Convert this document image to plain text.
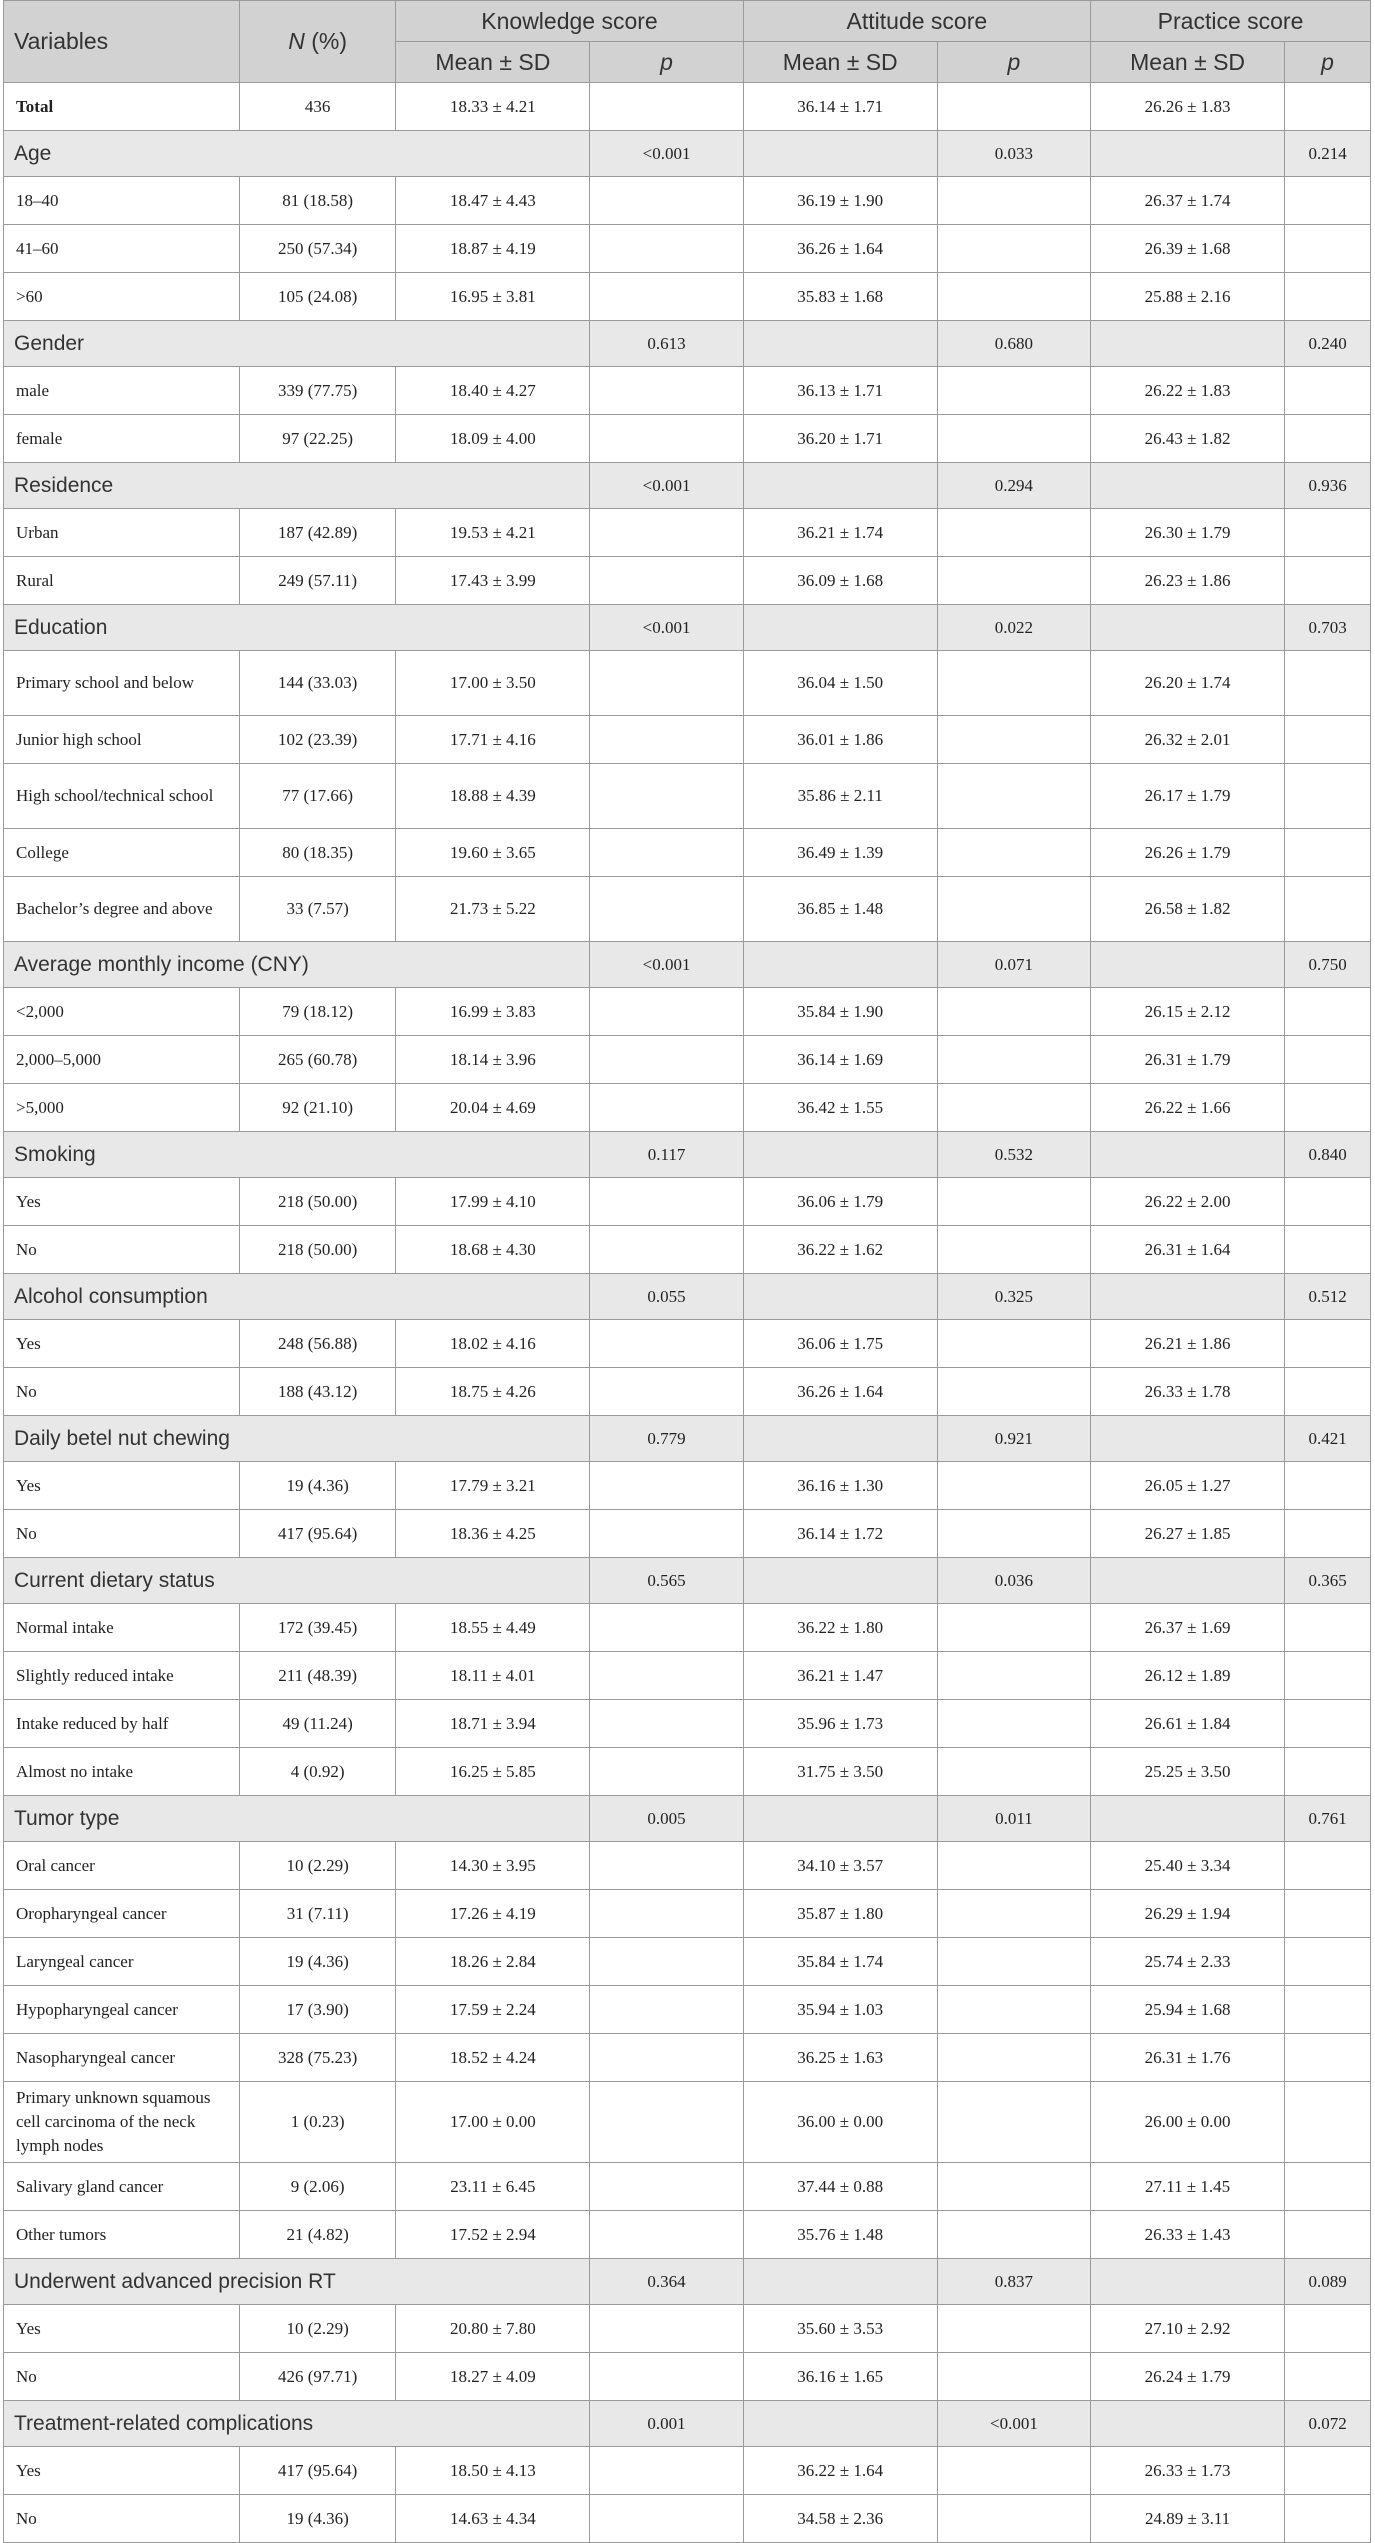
Variables	N (%)	Knowledge score		Attitude score		Practice score	
		Mean ± SD	p	Mean ± SD	p	Mean ± SD	p
Total	436	18.33 ± 4.21		36.14 ± 1.71		26.26 ± 1.83	
Age			<0.001		0.033		0.214
18–40	81 (18.58)	18.47 ± 4.43		36.19 ± 1.90		26.37 ± 1.74	
41–60	250 (57.34)	18.87 ± 4.19		36.26 ± 1.64		26.39 ± 1.68	
>60	105 (24.08)	16.95 ± 3.81		35.83 ± 1.68		25.88 ± 2.16	
Gender			0.613		0.680		0.240
male	339 (77.75)	18.40 ± 4.27		36.13 ± 1.71		26.22 ± 1.83	
female	97 (22.25)	18.09 ± 4.00		36.20 ± 1.71		26.43 ± 1.82	
Residence			<0.001		0.294		0.936
Urban	187 (42.89)	19.53 ± 4.21		36.21 ± 1.74		26.30 ± 1.79	
Rural	249 (57.11)	17.43 ± 3.99		36.09 ± 1.68		26.23 ± 1.86	
Education			<0.001		0.022		0.703
Primary school and below	144 (33.03)	17.00 ± 3.50		36.04 ± 1.50		26.20 ± 1.74	
Junior high school	102 (23.39)	17.71 ± 4.16		36.01 ± 1.86		26.32 ± 2.01	
High school/technical school	77 (17.66)	18.88 ± 4.39		35.86 ± 2.11		26.17 ± 1.79	
College	80 (18.35)	19.60 ± 3.65		36.49 ± 1.39		26.26 ± 1.79	
Bachelor’s degree and above	33 (7.57)	21.73 ± 5.22		36.85 ± 1.48		26.58 ± 1.82	
Average monthly income (CNY)			<0.001		0.071		0.750
<2,000	79 (18.12)	16.99 ± 3.83		35.84 ± 1.90		26.15 ± 2.12	
2,000–5,000	265 (60.78)	18.14 ± 3.96		36.14 ± 1.69		26.31 ± 1.79	
>5,000	92 (21.10)	20.04 ± 4.69		36.42 ± 1.55		26.22 ± 1.66	
Smoking			0.117		0.532		0.840
Yes	218 (50.00)	17.99 ± 4.10		36.06 ± 1.79		26.22 ± 2.00	
No	218 (50.00)	18.68 ± 4.30		36.22 ± 1.62		26.31 ± 1.64	
Alcohol consumption			0.055		0.325		0.512
Yes	248 (56.88)	18.02 ± 4.16		36.06 ± 1.75		26.21 ± 1.86	
No	188 (43.12)	18.75 ± 4.26		36.26 ± 1.64		26.33 ± 1.78	
Daily betel nut chewing			0.779		0.921		0.421
Yes	19 (4.36)	17.79 ± 3.21		36.16 ± 1.30		26.05 ± 1.27	
No	417 (95.64)	18.36 ± 4.25		36.14 ± 1.72		26.27 ± 1.85	
Current dietary status			0.565		0.036		0.365
Normal intake	172 (39.45)	18.55 ± 4.49		36.22 ± 1.80		26.37 ± 1.69	
Slightly reduced intake	211 (48.39)	18.11 ± 4.01		36.21 ± 1.47		26.12 ± 1.89	
Intake reduced by half	49 (11.24)	18.71 ± 3.94		35.96 ± 1.73		26.61 ± 1.84	
Almost no intake	4 (0.92)	16.25 ± 5.85		31.75 ± 3.50		25.25 ± 3.50	
Tumor type			0.005		0.011		0.761
Oral cancer	10 (2.29)	14.30 ± 3.95		34.10 ± 3.57		25.40 ± 3.34	
Oropharyngeal cancer	31 (7.11)	17.26 ± 4.19		35.87 ± 1.80		26.29 ± 1.94	
Laryngeal cancer	19 (4.36)	18.26 ± 2.84		35.84 ± 1.74		25.74 ± 2.33	
Hypopharyngeal cancer	17 (3.90)	17.59 ± 2.24		35.94 ± 1.03		25.94 ± 1.68	
Nasopharyngeal cancer	328 (75.23)	18.52 ± 4.24		36.25 ± 1.63		26.31 ± 1.76	
Primary unknown squamous cell carcinoma of the neck lymph nodes	1 (0.23)	17.00 ± 0.00		36.00 ± 0.00		26.00 ± 0.00	
Salivary gland cancer	9 (2.06)	23.11 ± 6.45		37.44 ± 0.88		27.11 ± 1.45	
Other tumors	21 (4.82)	17.52 ± 2.94		35.76 ± 1.48		26.33 ± 1.43	
Underwent advanced precision RT			0.364		0.837		0.089
Yes	10 (2.29)	20.80 ± 7.80		35.60 ± 3.53		27.10 ± 2.92	
No	426 (97.71)	18.27 ± 4.09		36.16 ± 1.65		26.24 ± 1.79	
Treatment-related complications			0.001		<0.001		0.072
Yes	417 (95.64)	18.50 ± 4.13		36.22 ± 1.64		26.33 ± 1.73	
No	19 (4.36)	14.63 ± 4.34		34.58 ± 2.36		24.89 ± 3.11	
